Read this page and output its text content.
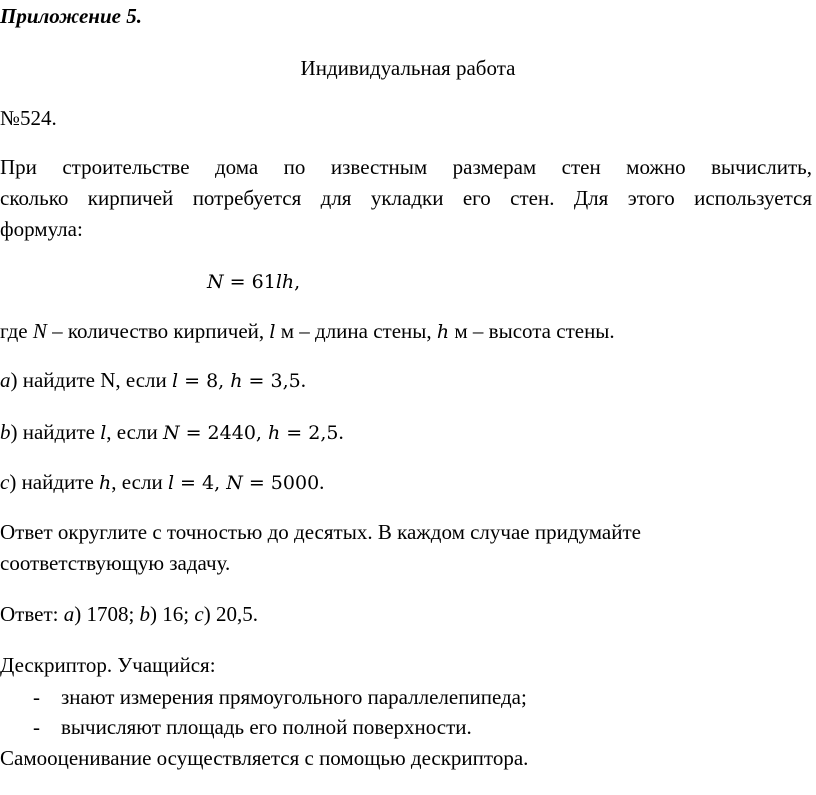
Приложение 5.
Индивидуальная работа
№524.
При строительстве дома по известным размерам стен можно вычислить,
сколько кирпичей потребуется для укладки его стен. Для этого используется
формула:
N = 61lh,
где N – количество кирпичей, l м – длина стены, h м – высота стены.
a) найдите N, если l = 8, h = 3,5.
b) найдите l, если N = 2440, h = 2,5.
c) найдите h, если l = 4, N = 5000.
Ответ округлите с точностью до десятых. В каждом случае придумайте
соответствующую задачу.
Ответ: a) 1708; b) 16; c) 20,5.
Дескриптор. Учащийся:
- знают измерения прямоугольного параллелепипеда;
- вычисляют площадь его полной поверхности.
Самооценивание осуществляется с помощью дескриптора.
